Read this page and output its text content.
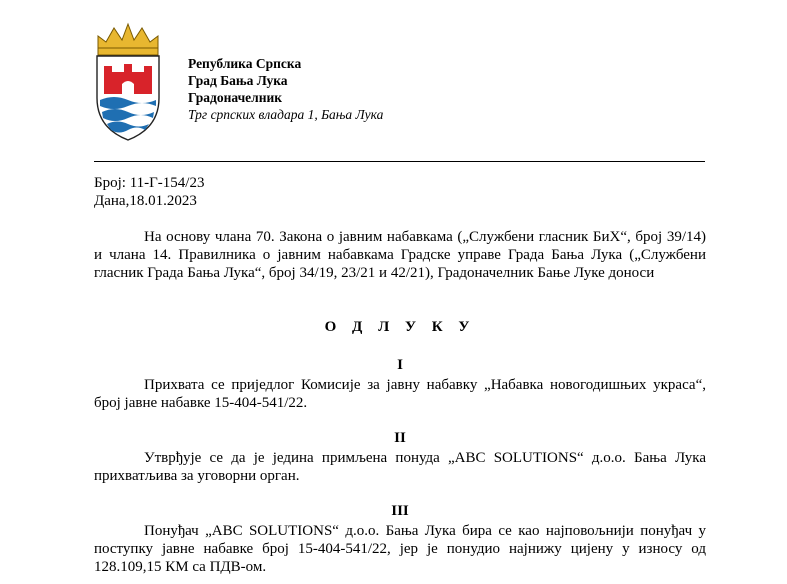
Република Српска
Град Бања Лука
Градоначелник
Трг српских владара 1, Бања Лука
Број: 11-Г-154/23
Дана,18.01.2023
На основу члана 70. Закона о јавним набавкама („Службени гласник БиХ“, број 39/14) и члана 14. Правилника о јавним набавкама Градске управе Града Бања Лука („Службени гласник Града Бања Лука“, број 34/19, 23/21 и 42/21), Градоначелник Бање Луке доноси
О Д Л У К У
I
Прихвата се приједлог Комисије за јавну набавку „Набавка новогодишњих украса“, број јавне набавке 15-404-541/22.
II
Утврђује се да је једина примљена понуда „ABC SOLUTIONS“ д.о.о. Бања Лука прихватљива за уговорни орган.
III
Понуђач „ABC SOLUTIONS“ д.о.о. Бања Лука бира се као најповољнији понуђач у поступку јавне набавке број 15-404-541/22, јер је понудио најнижу цијену у износу од 128.109,15 КМ са ПДВ-ом.
